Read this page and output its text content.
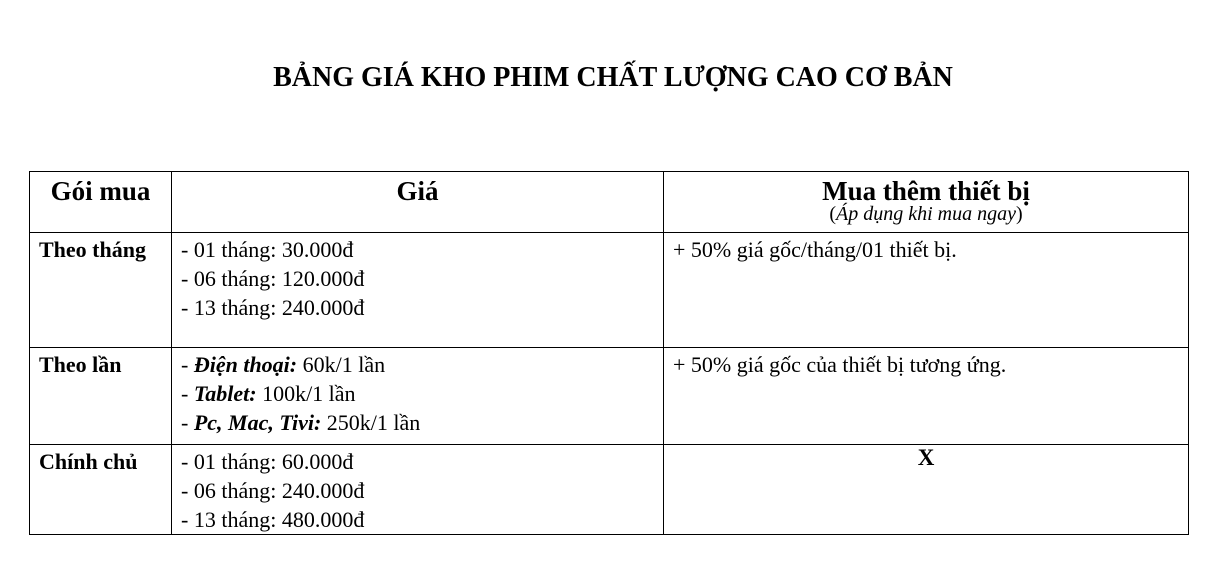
BẢNG GIÁ KHO PHIM CHẤT LƯỢNG CAO CƠ BẢN
Gói mua	Giá	Mua thêm thiết bị
(Áp dụng khi mua ngay)

Theo tháng	- 01 tháng: 30.000đ
- 06 tháng: 120.000đ
- 13 tháng: 240.000đ	+ 50% giá gốc/tháng/01 thiết bị.
Theo lần	- Điện thoại: 60k/1 lần
- Tablet: 100k/1 lần
- Pc, Mac, Tivi: 250k/1 lần	+ 50% giá gốc của thiết bị tương ứng.
Chính chủ	- 01 tháng: 60.000đ
- 06 tháng: 240.000đ
- 13 tháng: 480.000đ	X
